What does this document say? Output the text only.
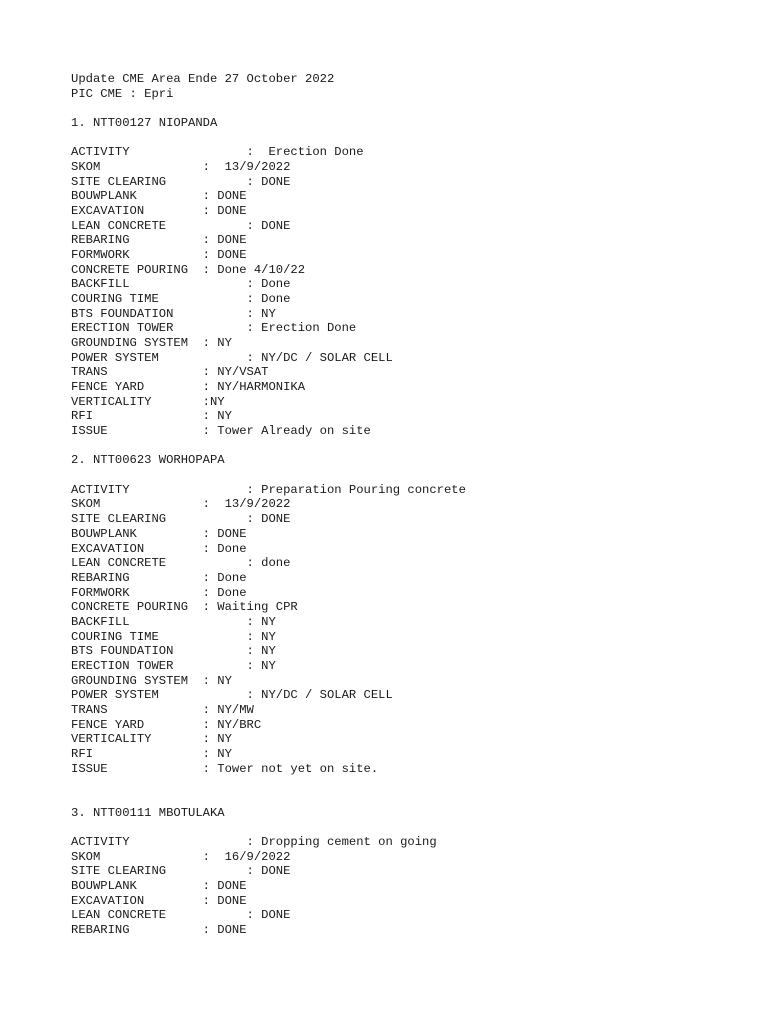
Update CME Area Ende 27 October 2022
PIC CME : Epri

1. NTT00127 NIOPANDA

ACTIVITY                :  Erection Done
SKOM              :  13/9/2022
SITE CLEARING           : DONE
BOUWPLANK         : DONE
EXCAVATION        : DONE
LEAN CONCRETE           : DONE
REBARING          : DONE
FORMWORK          : DONE
CONCRETE POURING  : Done 4/10/22
BACKFILL                : Done
COURING TIME            : Done
BTS FOUNDATION          : NY
ERECTION TOWER          : Erection Done
GROUNDING SYSTEM  : NY
POWER SYSTEM            : NY/DC / SOLAR CELL
TRANS             : NY/VSAT
FENCE YARD        : NY/HARMONIKA
VERTICALITY       :NY
RFI               : NY
ISSUE             : Tower Already on site

2. NTT00623 WORHOPAPA

ACTIVITY                : Preparation Pouring concrete
SKOM              :  13/9/2022
SITE CLEARING           : DONE
BOUWPLANK         : DONE
EXCAVATION        : Done
LEAN CONCRETE           : done
REBARING          : Done
FORMWORK          : Done
CONCRETE POURING  : Waiting CPR
BACKFILL                : NY
COURING TIME            : NY
BTS FOUNDATION          : NY
ERECTION TOWER          : NY
GROUNDING SYSTEM  : NY
POWER SYSTEM            : NY/DC / SOLAR CELL
TRANS             : NY/MW
FENCE YARD        : NY/BRC
VERTICALITY       : NY
RFI               : NY
ISSUE             : Tower not yet on site.

3. NTT00111 MBOTULAKA

ACTIVITY                : Dropping cement on going
SKOM              :  16/9/2022
SITE CLEARING           : DONE
BOUWPLANK         : DONE
EXCAVATION        : DONE
LEAN CONCRETE           : DONE
REBARING          : DONE
